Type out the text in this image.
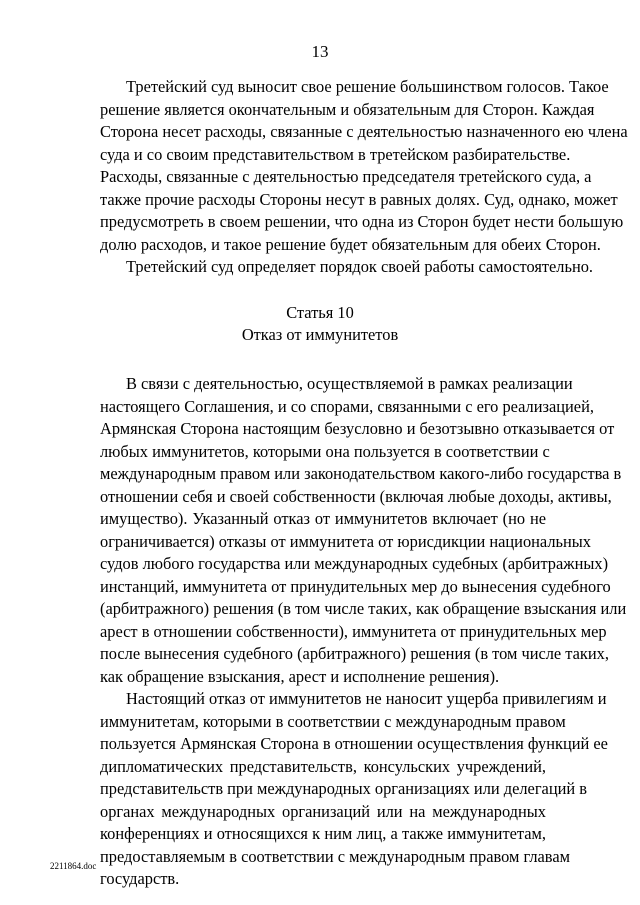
13
Третейский суд выносит свое решение большинством голосов. Такое
решение является окончательным и обязательным для Сторон. Каждая
Сторона несет расходы, связанные с деятельностью назначенного ею члена
суда и со своим представительством в третейском разбирательстве.
Расходы, связанные с деятельностью председателя третейского суда, а
также прочие расходы Стороны несут в равных долях. Суд, однако, может
предусмотреть в своем решении, что одна из Сторон будет нести большую
долю расходов, и такое решение будет обязательным для обеих Сторон.
Третейский суд определяет порядок своей работы самостоятельно.
Статья 10
Отказ от иммунитетов
В связи с деятельностью, осуществляемой в рамках реализации
настоящего Соглашения, и со спорами, связанными с его реализацией,
Армянская Сторона настоящим безусловно и безотзывно отказывается от
любых иммунитетов, которыми она пользуется в соответствии с
международным правом или законодательством какого-либо государства в
отношении себя и своей собственности (включая любые доходы, активы,
имущество). Указанный отказ от иммунитетов включает (но не
ограничивается) отказы от иммунитета от юрисдикции национальных
судов любого государства или международных судебных (арбитражных)
инстанций, иммунитета от принудительных мер до вынесения судебного
(арбитражного) решения (в том числе таких, как обращение взыскания или
арест в отношении собственности), иммунитета от принудительных мер
после вынесения судебного (арбитражного) решения (в том числе таких,
как обращение взыскания, арест и исполнение решения).
Настоящий отказ от иммунитетов не наносит ущерба привилегиям и
иммунитетам, которыми в соответствии с международным правом
пользуется Армянская Сторона в отношении осуществления функций ее
дипломатических представительств, консульских учреждений,
представительств при международных организациях или делегаций в
органах международных организаций или на международных
конференциях и относящихся к ним лиц, а также иммунитетам,
предоставляемым в соответствии с международным правом главам
государств.
2211864.doc
